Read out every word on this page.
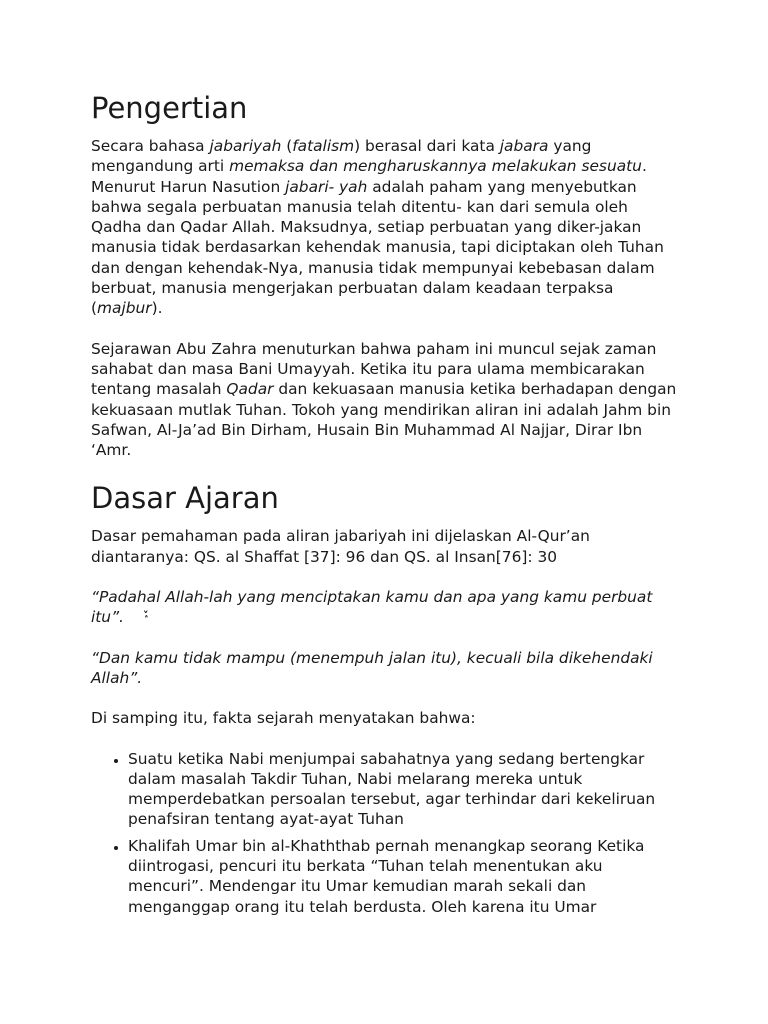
Pengertian

Secara bahasa jabariyah (fatalism) berasal dari kata jabara yang mengandung arti memaksa dan mengharuskannya melakukan sesuatu. Menurut Harun Nasution jabari- yah adalah paham yang menyebutkan bahwa segala perbuatan manusia telah ditentu- kan dari semula oleh Qadha dan Qadar Allah. Maksudnya, setiap perbuatan yang diker-jakan manusia tidak berdasarkan kehendak manusia, tapi diciptakan oleh Tuhan dan dengan kehendak-Nya, manusia tidak mempunyai kebebasan dalam berbuat, manusia mengerjakan perbuatan dalam keadaan terpaksa (majbur).

Sejarawan Abu Zahra menuturkan bahwa paham ini muncul sejak zaman sahabat dan masa Bani Umayyah. Ketika itu para ulama membicarakan tentang masalah Qadar dan kekuasaan manusia ketika berhadapan dengan kekuasaan mutlak Tuhan. Tokoh yang mendirikan aliran ini adalah Jahm bin Safwan, Al-Ja’ad Bin Dirham, Husain Bin Muhammad Al Najjar, Dirar Ibn ‘Amr.

Dasar Ajaran

Dasar pemahaman pada aliran jabariyah ini dijelaskan Al-Qur’an diantaranya: QS. al Shaffat [37]: 96 dan QS. al Insan[76]: 30

“Padahal Allah-lah yang menciptakan kamu dan apa yang kamu perbuat itu”. ٚ ٛ

“Dan kamu tidak mampu (menempuh jalan itu), kecuali bila dikehendaki Allah”.

Di samping itu, fakta sejarah menyatakan bahwa:

• Suatu ketika Nabi menjumpai sabahatnya yang sedang bertengkar dalam masalah Takdir Tuhan, Nabi melarang mereka untuk memperdebatkan persoalan tersebut, agar terhindar dari kekeliruan penafsiran tentang ayat-ayat Tuhan
• Khalifah Umar bin al-Khaththab pernah menangkap seorang Ketika diintrogasi, pencuri itu berkata “Tuhan telah menentukan aku mencuri”. Mendengar itu Umar kemudian marah sekali dan menganggap orang itu telah berdusta. Oleh karena itu Umar
